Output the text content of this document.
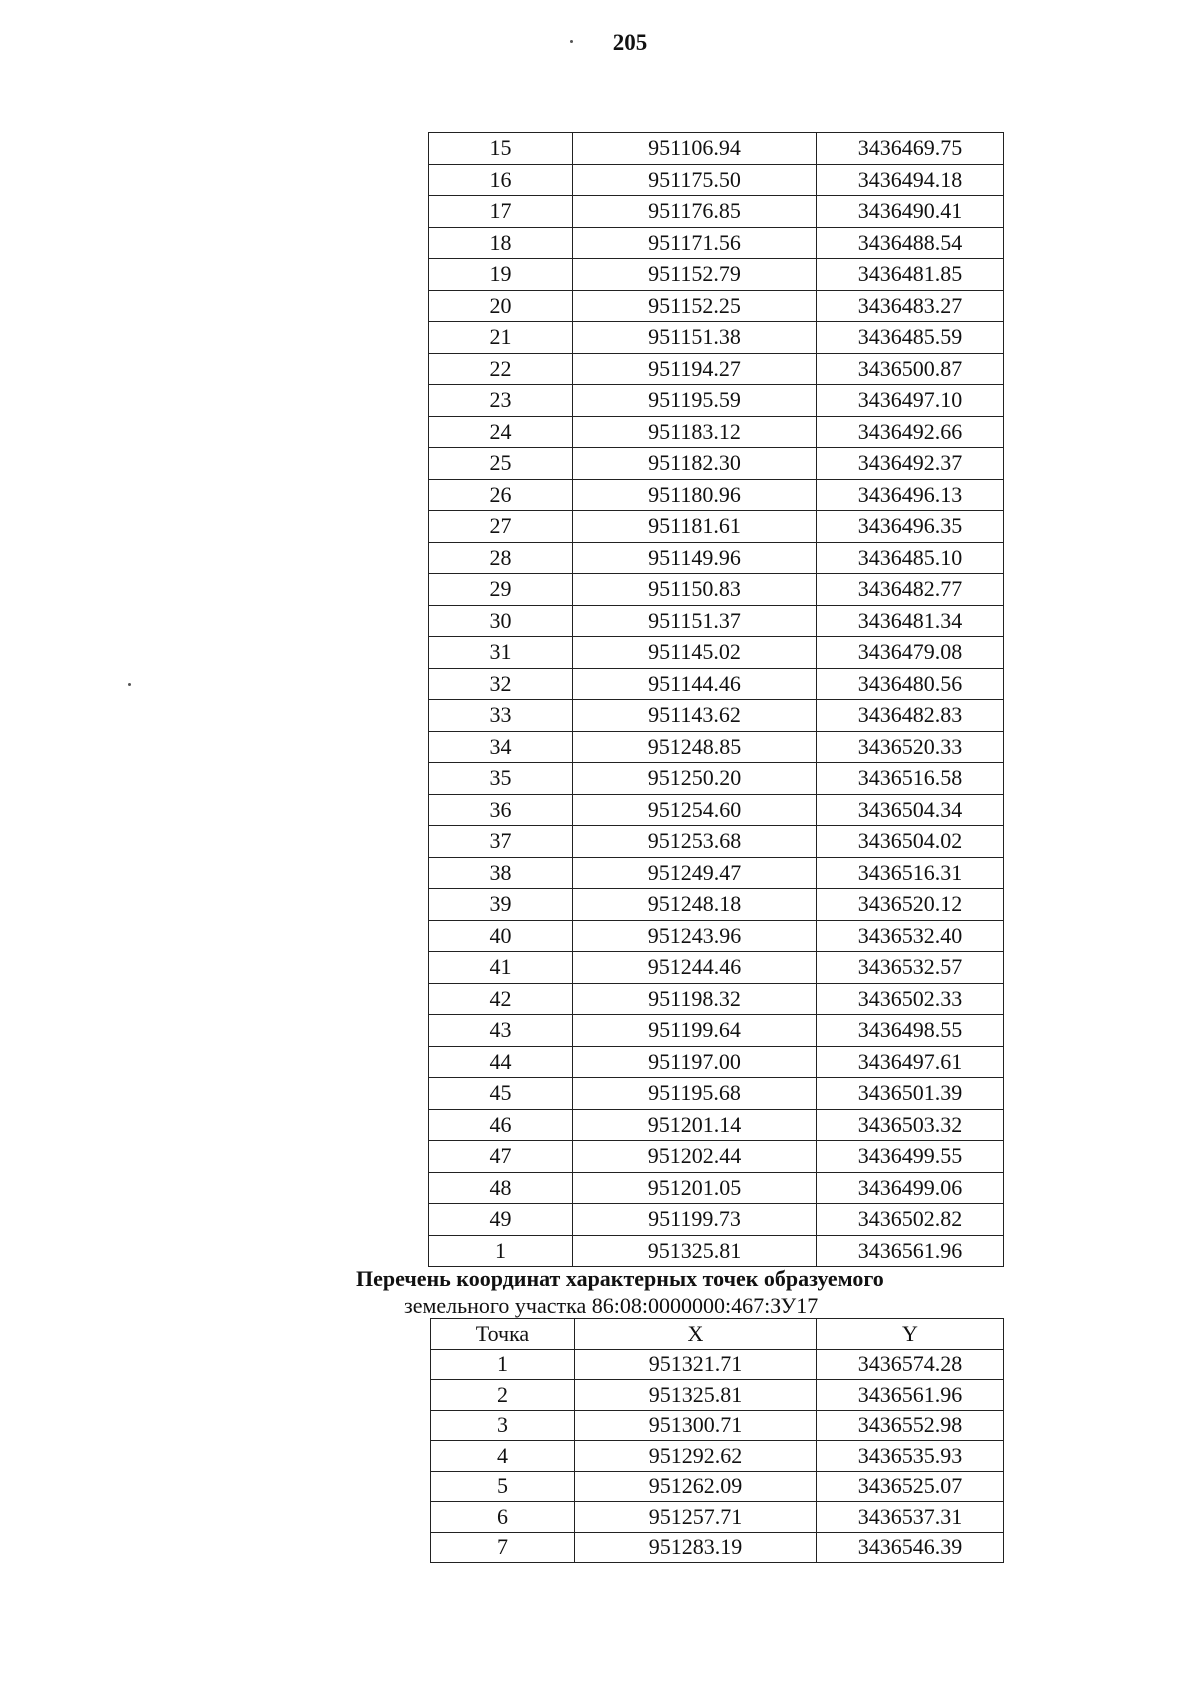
205
15	951106.94	3436469.75
16	951175.50	3436494.18
17	951176.85	3436490.41
18	951171.56	3436488.54
19	951152.79	3436481.85
20	951152.25	3436483.27
21	951151.38	3436485.59
22	951194.27	3436500.87
23	951195.59	3436497.10
24	951183.12	3436492.66
25	951182.30	3436492.37
26	951180.96	3436496.13
27	951181.61	3436496.35
28	951149.96	3436485.10
29	951150.83	3436482.77
30	951151.37	3436481.34
31	951145.02	3436479.08
32	951144.46	3436480.56
33	951143.62	3436482.83
34	951248.85	3436520.33
35	951250.20	3436516.58
36	951254.60	3436504.34
37	951253.68	3436504.02
38	951249.47	3436516.31
39	951248.18	3436520.12
40	951243.96	3436532.40
41	951244.46	3436532.57
42	951198.32	3436502.33
43	951199.64	3436498.55
44	951197.00	3436497.61
45	951195.68	3436501.39
46	951201.14	3436503.32
47	951202.44	3436499.55
48	951201.05	3436499.06
49	951199.73	3436502.82
1	951325.81	3436561.96
Перечень координат характерных точек образуемого
земельного участка 86:08:0000000:467:ЗУ17
Точка	X	Y
1	951321.71	3436574.28
2	951325.81	3436561.96
3	951300.71	3436552.98
4	951292.62	3436535.93
5	951262.09	3436525.07
6	951257.71	3436537.31
7	951283.19	3436546.39
